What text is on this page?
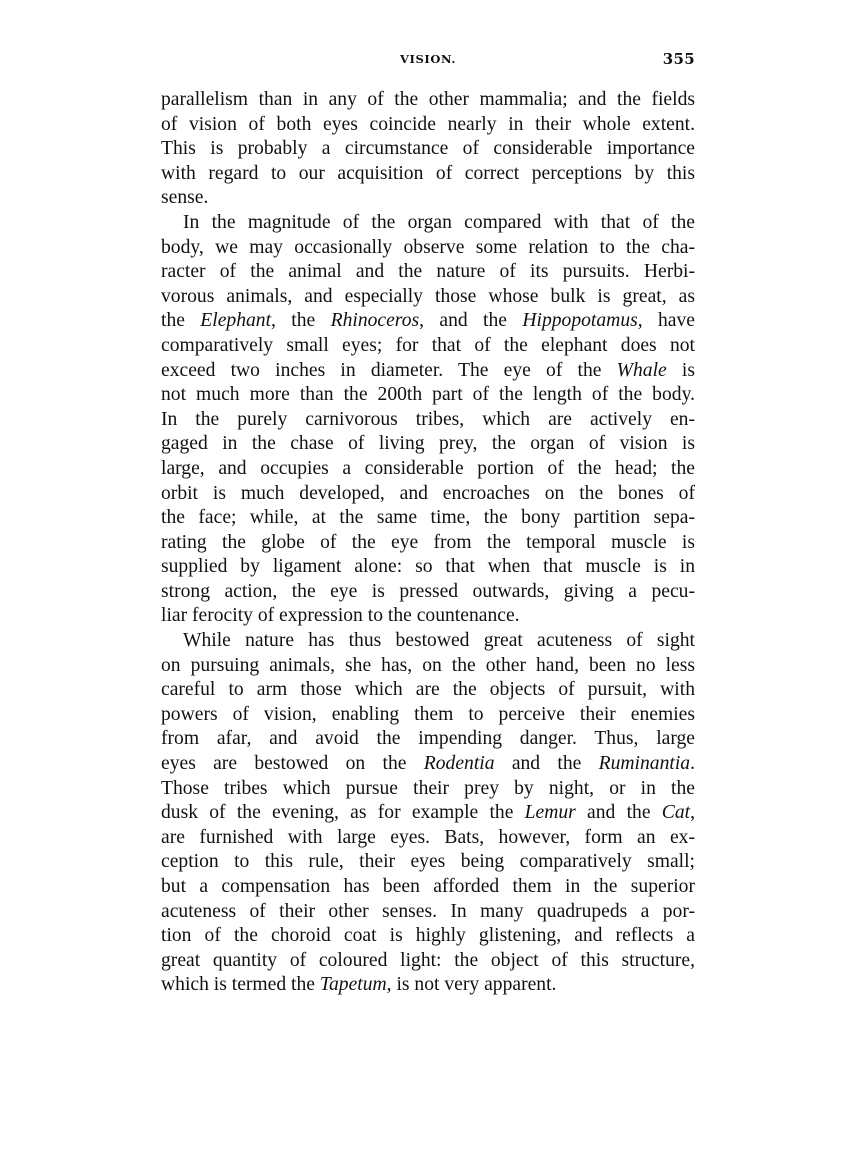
VISION.	355
parallelism than in any of the other mammalia; and the fields
of vision of both eyes coincide nearly in their whole extent.
This is probably a circumstance of considerable importance
with regard to our acquisition of correct perceptions by this
sense.
In the magnitude of the organ compared with that of the
body, we may occasionally observe some relation to the cha-
racter of the animal and the nature of its pursuits. Herbi-
vorous animals, and especially those whose bulk is great, as
the Elephant, the Rhinoceros, and the Hippopotamus, have
comparatively small eyes; for that of the elephant does not
exceed two inches in diameter. The eye of the Whale is
not much more than the 200th part of the length of the body.
In the purely carnivorous tribes, which are actively en-
gaged in the chase of living prey, the organ of vision is
large, and occupies a considerable portion of the head; the
orbit is much developed, and encroaches on the bones of
the face; while, at the same time, the bony partition sepa-
rating the globe of the eye from the temporal muscle is
supplied by ligament alone: so that when that muscle is in
strong action, the eye is pressed outwards, giving a pecu-
liar ferocity of expression to the countenance.
While nature has thus bestowed great acuteness of sight
on pursuing animals, she has, on the other hand, been no less
careful to arm those which are the objects of pursuit, with
powers of vision, enabling them to perceive their enemies
from afar, and avoid the impending danger. Thus, large
eyes are bestowed on the Rodentia and the Ruminantia.
Those tribes which pursue their prey by night, or in the
dusk of the evening, as for example the Lemur and the Cat,
are furnished with large eyes. Bats, however, form an ex-
ception to this rule, their eyes being comparatively small;
but a compensation has been afforded them in the superior
acuteness of their other senses. In many quadrupeds a por-
tion of the choroid coat is highly glistening, and reflects a
great quantity of coloured light: the object of this structure,
which is termed the Tapetum, is not very apparent.
